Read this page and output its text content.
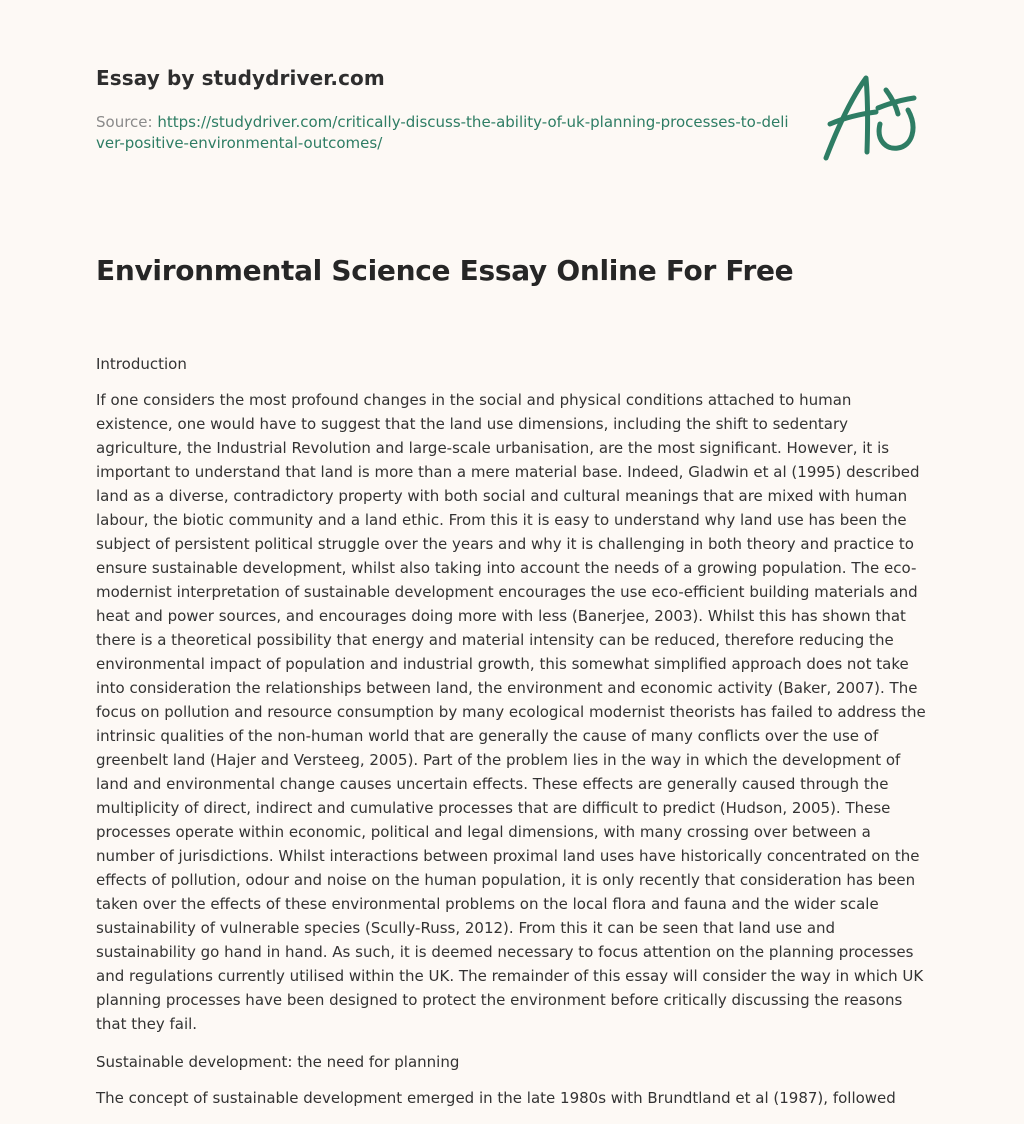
Essay by studydriver.com
Source: https://studydriver.com/critically-discuss-the-ability-of-uk-planning-processes-to-deliver-positive-environmental-outcomes/
Environmental Science Essay Online For Free

Introduction

If one considers the most profound changes in the social and physical conditions attached to human existence, one would have to suggest that the land use dimensions, including the shift to sedentary agriculture, the Industrial Revolution and large-scale urbanisation, are the most significant. However, it is important to understand that land is more than a mere material base. Indeed, Gladwin et al (1995) described land as a diverse, contradictory property with both social and cultural meanings that are mixed with human labour, the biotic community and a land ethic. From this it is easy to understand why land use has been the subject of persistent political struggle over the years and why it is challenging in both theory and practice to ensure sustainable development, whilst also taking into account the needs of a growing population. The eco-modernist interpretation of sustainable development encourages the use eco-efficient building materials and heat and power sources, and encourages doing more with less (Banerjee, 2003). Whilst this has shown that there is a theoretical possibility that energy and material intensity can be reduced, therefore reducing the environmental impact of population and industrial growth, this somewhat simplified approach does not take into consideration the relationships between land, the environment and economic activity (Baker, 2007). The focus on pollution and resource consumption by many ecological modernist theorists has failed to address the intrinsic qualities of the non-human world that are generally the cause of many conflicts over the use of greenbelt land (Hajer and Versteeg, 2005). Part of the problem lies in the way in which the development of land and environmental change causes uncertain effects. These effects are generally caused through the multiplicity of direct, indirect and cumulative processes that are difficult to predict (Hudson, 2005). These processes operate within economic, political and legal dimensions, with many crossing over between a number of jurisdictions. Whilst interactions between proximal land uses have historically concentrated on the effects of pollution, odour and noise on the human population, it is only recently that consideration has been taken over the effects of these environmental problems on the local flora and fauna and the wider scale sustainability of vulnerable species (Scully-Russ, 2012). From this it can be seen that land use and sustainability go hand in hand. As such, it is deemed necessary to focus attention on the planning processes and regulations currently utilised within the UK. The remainder of this essay will consider the way in which UK planning processes have been designed to protect the environment before critically discussing the reasons that they fail.

Sustainable development: the need for planning

The concept of sustainable development emerged in the late 1980s with Brundtland et al (1987), followed
